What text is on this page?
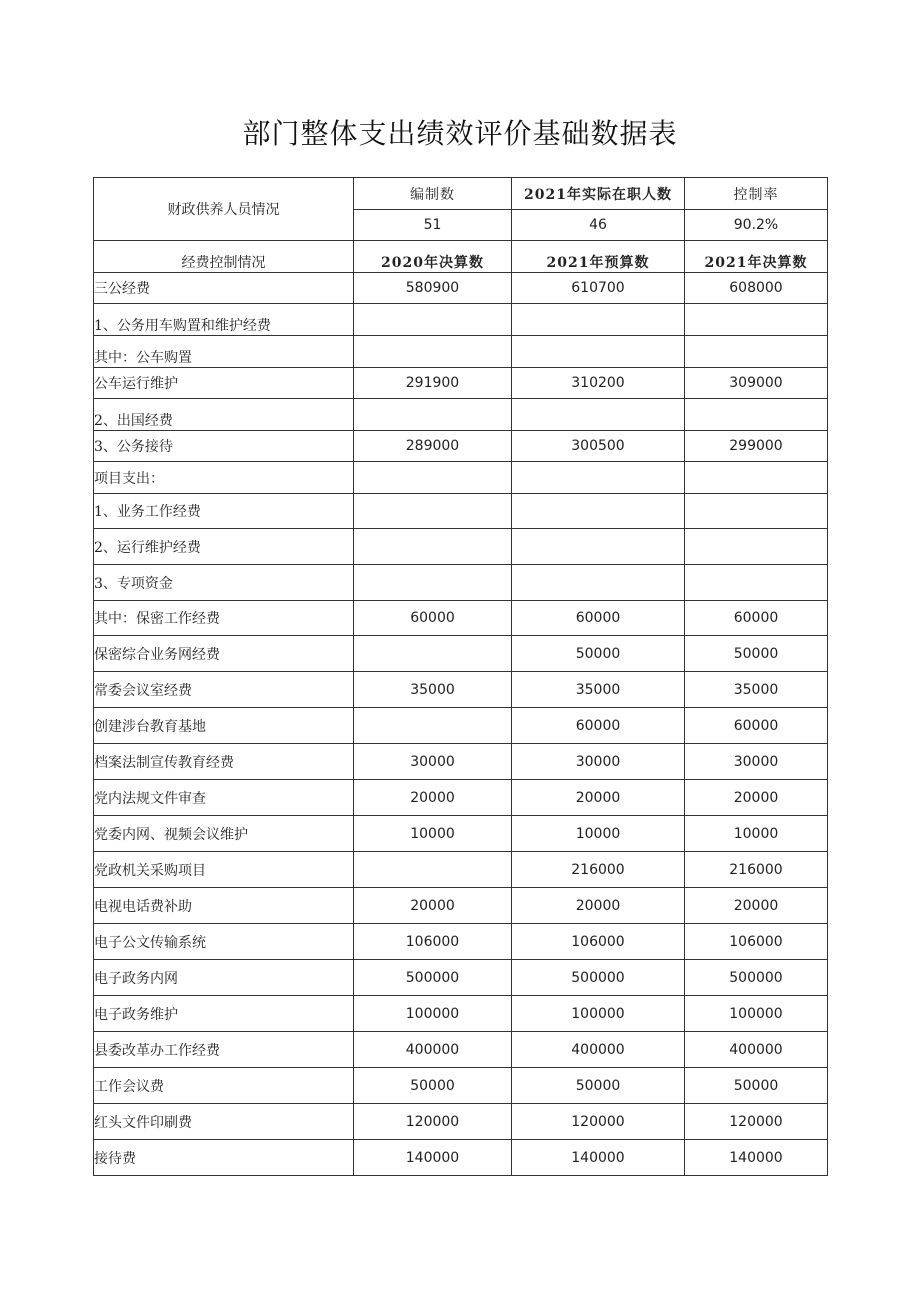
部门整体支出绩效评价基础数据表
财政供养人员情况	编制数	2021年实际在职人数	控制率
	51	46	90.2%
经费控制情况	2020年决算数	2021年预算数	2021年决算数
三公经费	580900	610700	608000
1、公务用车购置和维护经费			
其中：公车购置			
公车运行维护	291900	310200	309000
2、出国经费			
3、公务接待	289000	300500	299000
项目支出：			
1、业务工作经费			
2、运行维护经费			
3、专项资金			
其中：保密工作经费	60000	60000	60000
保密综合业务网经费		50000	50000
常委会议室经费	35000	35000	35000
创建涉台教育基地		60000	60000
档案法制宣传教育经费	30000	30000	30000
党内法规文件审查	20000	20000	20000
党委内网、视频会议维护	10000	10000	10000
党政机关采购项目		216000	216000
电视电话费补助	20000	20000	20000
电子公文传输系统	106000	106000	106000
电子政务内网	500000	500000	500000
电子政务维护	100000	100000	100000
县委改革办工作经费	400000	400000	400000
工作会议费	50000	50000	50000
红头文件印刷费	120000	120000	120000
接待费	140000	140000	140000
